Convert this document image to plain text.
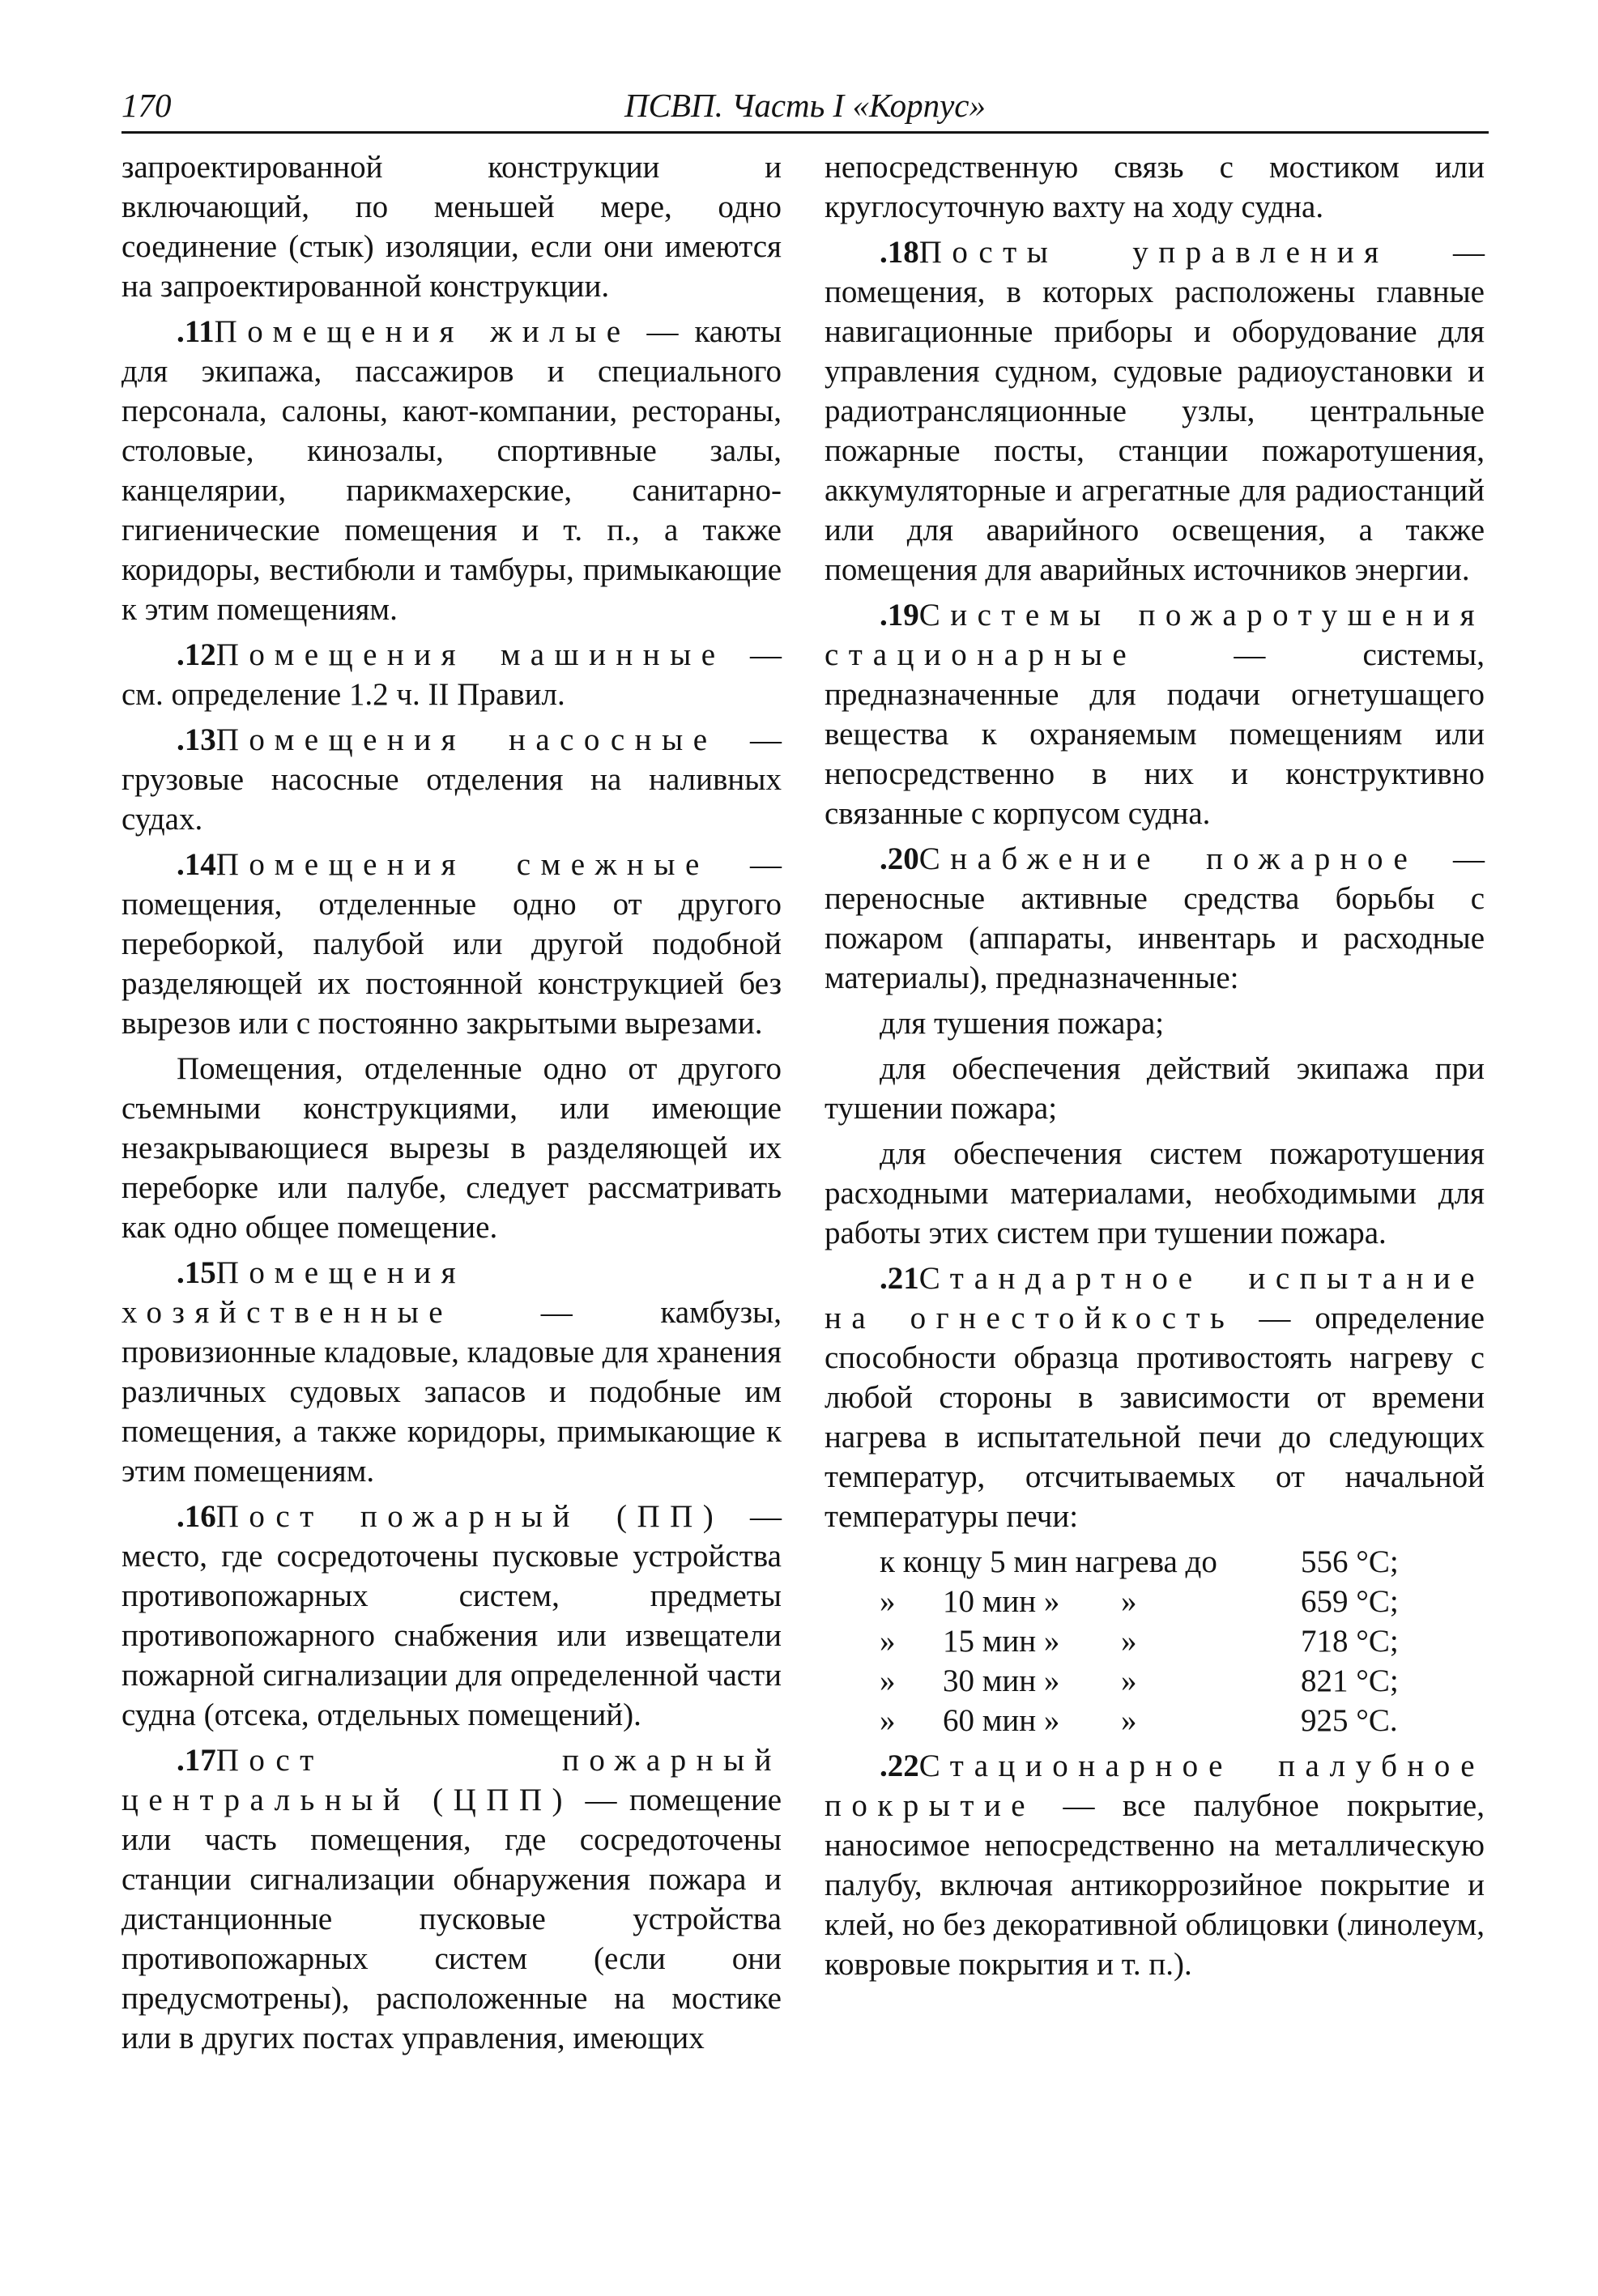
170	ПСВП. Часть I «Корпус»

запроектированной конструкции и включающий, по меньшей мере, одно соединение (стык) изоляции, если они имеются на запроектированной конструкции.

.11Помещения жилые — каюты для экипажа, пассажиров и специального персонала, салоны, кают-компании, рестораны, столовые, кинозалы, спортивные залы, канцелярии, парикмахерские, санитарно-гигиенические помещения и т. п., а также коридоры, вестибюли и тамбуры, примыкающие к этим помещениям.

.12Помещения машинные — см. определение 1.2 ч. II Правил.

.13Помещения насосные — грузовые насосные отделения на наливных судах.

.14Помещения смежные — помещения, отделенные одно от другого переборкой, палубой или другой подобной разделяющей их постоянной конструкцией без вырезов или с постоянно закрытыми вырезами.

Помещения, отделенные одно от другого съемными конструкциями, или имеющие незакрывающиеся вырезы в разделяющей их переборке или палубе, следует рассматривать как одно общее помещение.

.15Помещения хозяйственные — камбузы, провизионные кладовые, кладовые для хранения различных судовых запасов и подобные им помещения, а также коридоры, примыкающие к этим помещениям.

.16Пост пожарный (ПП) — место, где сосредоточены пусковые устройства противопожарных систем, предметы противопожарного снабжения или извещатели пожарной сигнализации для определенной части судна (отсека, отдельных помещений).

.17Пост пожарный центральный (ЦПП) — помещение или часть помещения, где сосредоточены станции сигнализации обнаружения пожара и дистанционные пусковые устройства противопожарных систем (если они предусмотрены), расположенные на мостике или в других постах управления, имеющих

непосредственную связь с мостиком или круглосуточную вахту на ходу судна.

.18Посты управления — помещения, в которых расположены главные навигационные приборы и оборудование для управления судном, судовые радиоустановки и радиотрансляционные узлы, центральные пожарные посты, станции пожаротушения, аккумуляторные и агрегатные для радиостанций или для аварийного освещения, а также помещения для аварийных источников энергии.

.19Системы пожаротушения стационарные — системы, предназначенные для подачи огнетушащего вещества к охраняемым помещениям или непосредственно в них и конструктивно связанные с корпусом судна.

.20Снабжение пожарное — переносные активные средства борьбы с пожаром (аппараты, инвентарь и расходные материалы), предназначенные:

для тушения пожара;

для обеспечения действий экипажа при тушении пожара;

для обеспечения систем пожаротушения расходными материалами, необходимыми для работы этих систем при тушении пожара.

.21Стандартное испытание на огнестойкость — определение способности образца противостоять нагреву с любой стороны в зависимости от времени нагрева в испытательной печи до следующих температур, отсчитываемых от начальной температуры печи:

к концу 5 мин нагрева до	556 °С;
» 10 мин » »	659 °С;
» 15 мин » »	718 °С;
» 30 мин » »	821 °С;
» 60 мин » »	925 °С.

.22Стационарное палубное покрытие — все палубное покрытие, наносимое непосредственно на металлическую палубу, включая антикоррозийное покрытие и клей, но без декоративной облицовки (линолеум, ковровые покрытия и т. п.).
